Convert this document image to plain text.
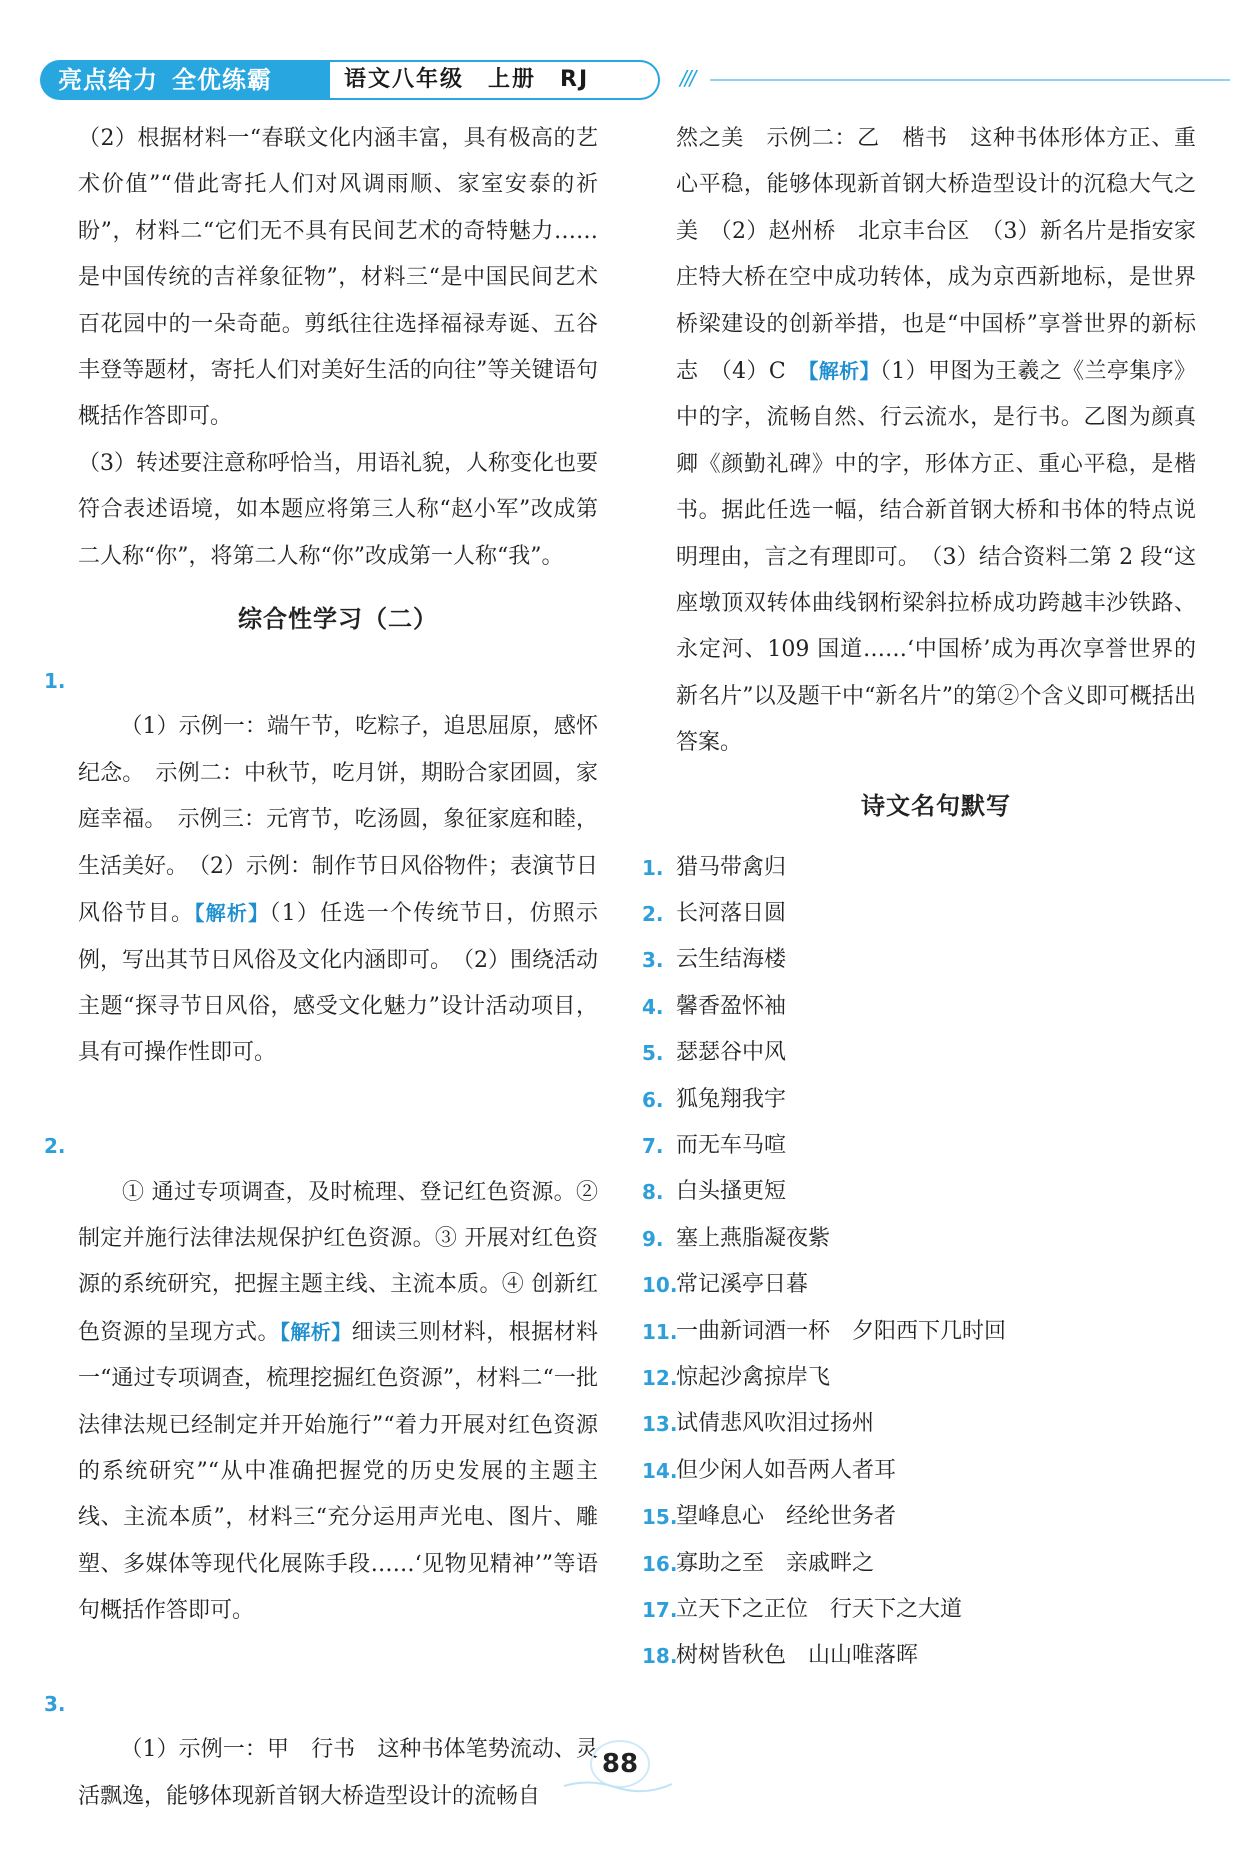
亮点给力 全优练霸	语文八年级 上册 RJ	///
（2）根据材料一“春联文化内涵丰富，具有极高的艺术价值”“借此寄托人们对风调雨顺、家室安泰的祈盼”，材料二“它们无不具有民间艺术的奇特魅力……是中国传统的吉祥象征物”，材料三“是中国民间艺术百花园中的一朵奇葩。剪纸往往选择福禄寿诞、五谷丰登等题材，寄托人们对美好生活的向往”等关键语句概括作答即可。
（3）转述要注意称呼恰当，用语礼貌，人称变化也要符合表述语境，如本题应将第三人称“赵小军”改成第二人称“你”，将第二人称“你”改成第一人称“我”。
综合性学习（二）

1.
（1）示例一：端午节，吃粽子，追思屈原，感怀纪念。　示例二：中秋节，吃月饼，期盼合家团圆，家庭幸福。　示例三：元宵节，吃汤圆，象征家庭和睦，生活美好。　（2）示例：制作节日风俗物件；表演节日风俗节目。【解析】（1）任选一个传统节日，仿照示例，写出其节日风俗及文化内涵即可。　（2）围绕活动主题“探寻节日风俗，感受文化魅力”设计活动项目，具有可操作性即可。

2.
① 通过专项调查，及时梳理、登记红色资源。② 制定并施行法律法规保护红色资源。③ 开展对红色资源的系统研究，把握主题主线、主流本质。④ 创新红色资源的呈现方式。【解析】细读三则材料，根据材料一“通过专项调查，梳理挖掘红色资源”，材料二“一批法律法规已经制定并开始施行”“着力开展对红色资源的系统研究”“从中准确把握党的历史发展的主题主线、主流本质”，材料三“充分运用声光电、图片、雕塑、多媒体等现代化展陈手段……‘见物见精神’”等语句概括作答即可。

3.
（1）示例一：甲　行书　这种书体笔势流动、灵活飘逸，能够体现新首钢大桥造型设计的流畅自

然之美　示例二：乙　楷书　这种书体形体方正、重心平稳，能够体现新首钢大桥造型设计的沉稳大气之美　（2）赵州桥　北京丰台区　（3）新名片是指安家庄特大桥在空中成功转体，成为京西新地标，是世界桥梁建设的创新举措，也是“中国桥”享誉世界的新标志　（4）C　【解析】（1）甲图为王羲之《兰亭集序》中的字，流畅自然、行云流水，是行书。乙图为颜真卿《颜勤礼碑》中的字，形体方正、重心平稳，是楷书。据此任选一幅，结合新首钢大桥和书体的特点说明理由，言之有理即可。　（3）结合资料二第 2 段“这座墩顶双转体曲线钢桁梁斜拉桥成功跨越丰沙铁路、永定河、109 国道……‘中国桥’成为再次享誉世界的新名片”以及题干中“新名片”的第②个含义即可概括出答案。
诗文名句默写
1. 猎马带禽归
2. 长河落日圆
3. 云生结海楼
4. 馨香盈怀袖
5. 瑟瑟谷中风
6. 狐兔翔我宇
7. 而无车马喧
8. 白头搔更短
9. 塞上燕脂凝夜紫
10.
常记溪亭日暮
11.
一曲新词酒一杯　夕阳西下几时回
12.
惊起沙禽掠岸飞
13.
试倩悲风吹泪过扬州
14.
但少闲人如吾两人者耳
15.
望峰息心　经纶世务者
16.
寡助之至　亲戚畔之
17.
立天下之正位　行天下之大道
18.
树树皆秋色　山山唯落晖
88
